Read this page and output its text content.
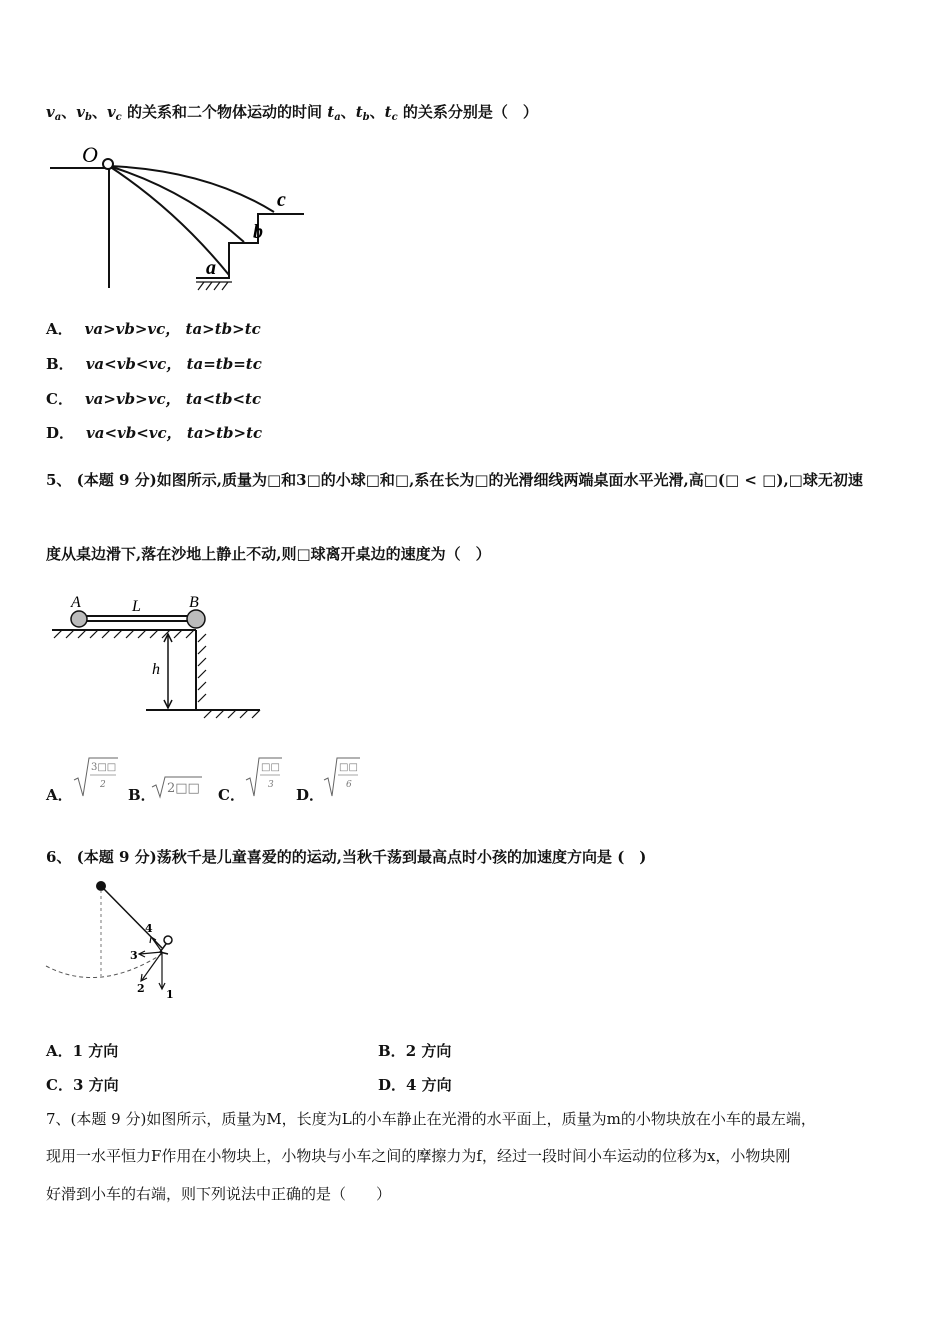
$v_a$、$v_b$、$v_c$ 的关系和二个物体运动的时间 $t_a$、$t_b$、$t_c$ 的关系分别是（　）
O
a
b
c
A． va>vb>vc， ta>tb>tc
B． va<vb<vc， ta=tb=tc
C． va>vb>vc， ta<tb<tc
D． va<vb<vc， ta>tb>tc
5、 (本题 9 分)如图所示,质量为□和3□的小球□和□,系在长为□的光滑细线两端桌面水平光滑,高□(□ < □),□球无初速
度从桌边滑下,落在沙地上静止不动,则□球离开桌边的速度为（　）
A	B
L
h
A．
3□□
2
B． 2□□ C．
□□
3
D．
□□
6
6、 (本题 9 分)荡秋千是儿童喜爱的的运动,当秋千荡到最高点时小孩的加速度方向是 (　)
1
2
3
4
A．1 方向	B．2 方向
C．3 方向	D．4 方向
7、(本题 9 分)如图所示，质量为M，长度为L的小车静止在光滑的水平面上，质量为m的小物块放在小车的最左端，
现用一水平恒力F作用在小物块上，小物块与小车之间的摩擦力为f，经过一段时间小车运动的位移为x，小物块刚
好滑到小车的右端，则下列说法中正确的是（　　）
